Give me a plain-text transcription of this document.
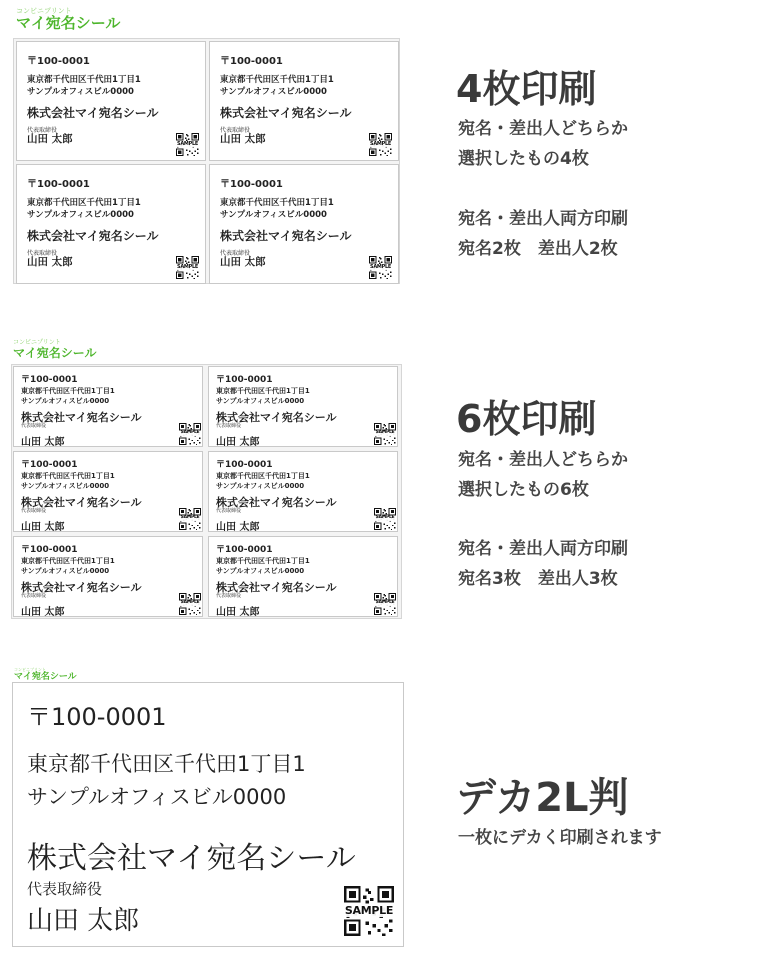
コンビニプリント
マイ宛名シール
コンビニプリント
マイ宛名シール
コンビニプリント
マイ宛名シール
4枚印刷
宛名・差出人どちらか
選択したもの4枚
宛名・差出人両方印刷
宛名2枚　差出人2枚
6枚印刷
宛名・差出人どちらか
選択したもの6枚
宛名・差出人両方印刷
宛名3枚　差出人3枚
デカ2L判
一枚にデカく印刷されます
〒100-0001
東京都千代田区千代田1丁目1
サンプルオフィスビル0000
株式会社マイ宛名シール
代表取締役
山田 太郎	SAMPLE
〒100-0001
東京都千代田区千代田1丁目1
サンプルオフィスビル0000
株式会社マイ宛名シール
代表取締役
山田 太郎	SAMPLE
〒100-0001
東京都千代田区千代田1丁目1
サンプルオフィスビル0000
株式会社マイ宛名シール
代表取締役
山田 太郎	SAMPLE
〒100-0001
東京都千代田区千代田1丁目1
サンプルオフィスビル0000
株式会社マイ宛名シール
代表取締役
山田 太郎	SAMPLE
〒100-0001
東京都千代田区千代田1丁目1
サンプルオフィスビル0000
株式会社マイ宛名シール
代表取締役
山田 太郎
SAMPLE
〒100-0001
東京都千代田区千代田1丁目1
サンプルオフィスビル0000
株式会社マイ宛名シール
代表取締役
山田 太郎
SAMPLE
〒100-0001
東京都千代田区千代田1丁目1
サンプルオフィスビル0000
株式会社マイ宛名シール
代表取締役
山田 太郎
SAMPLE
〒100-0001
東京都千代田区千代田1丁目1
サンプルオフィスビル0000
株式会社マイ宛名シール
代表取締役
山田 太郎
SAMPLE
〒100-0001
東京都千代田区千代田1丁目1
サンプルオフィスビル0000
株式会社マイ宛名シール
代表取締役
山田 太郎
SAMPLE
〒100-0001
東京都千代田区千代田1丁目1
サンプルオフィスビル0000
株式会社マイ宛名シール
代表取締役
山田 太郎
SAMPLE
〒100-0001
東京都千代田区千代田1丁目1
サンプルオフィスビル0000
株式会社マイ宛名シール
代表取締役
山田 太郎	SAMPLE
